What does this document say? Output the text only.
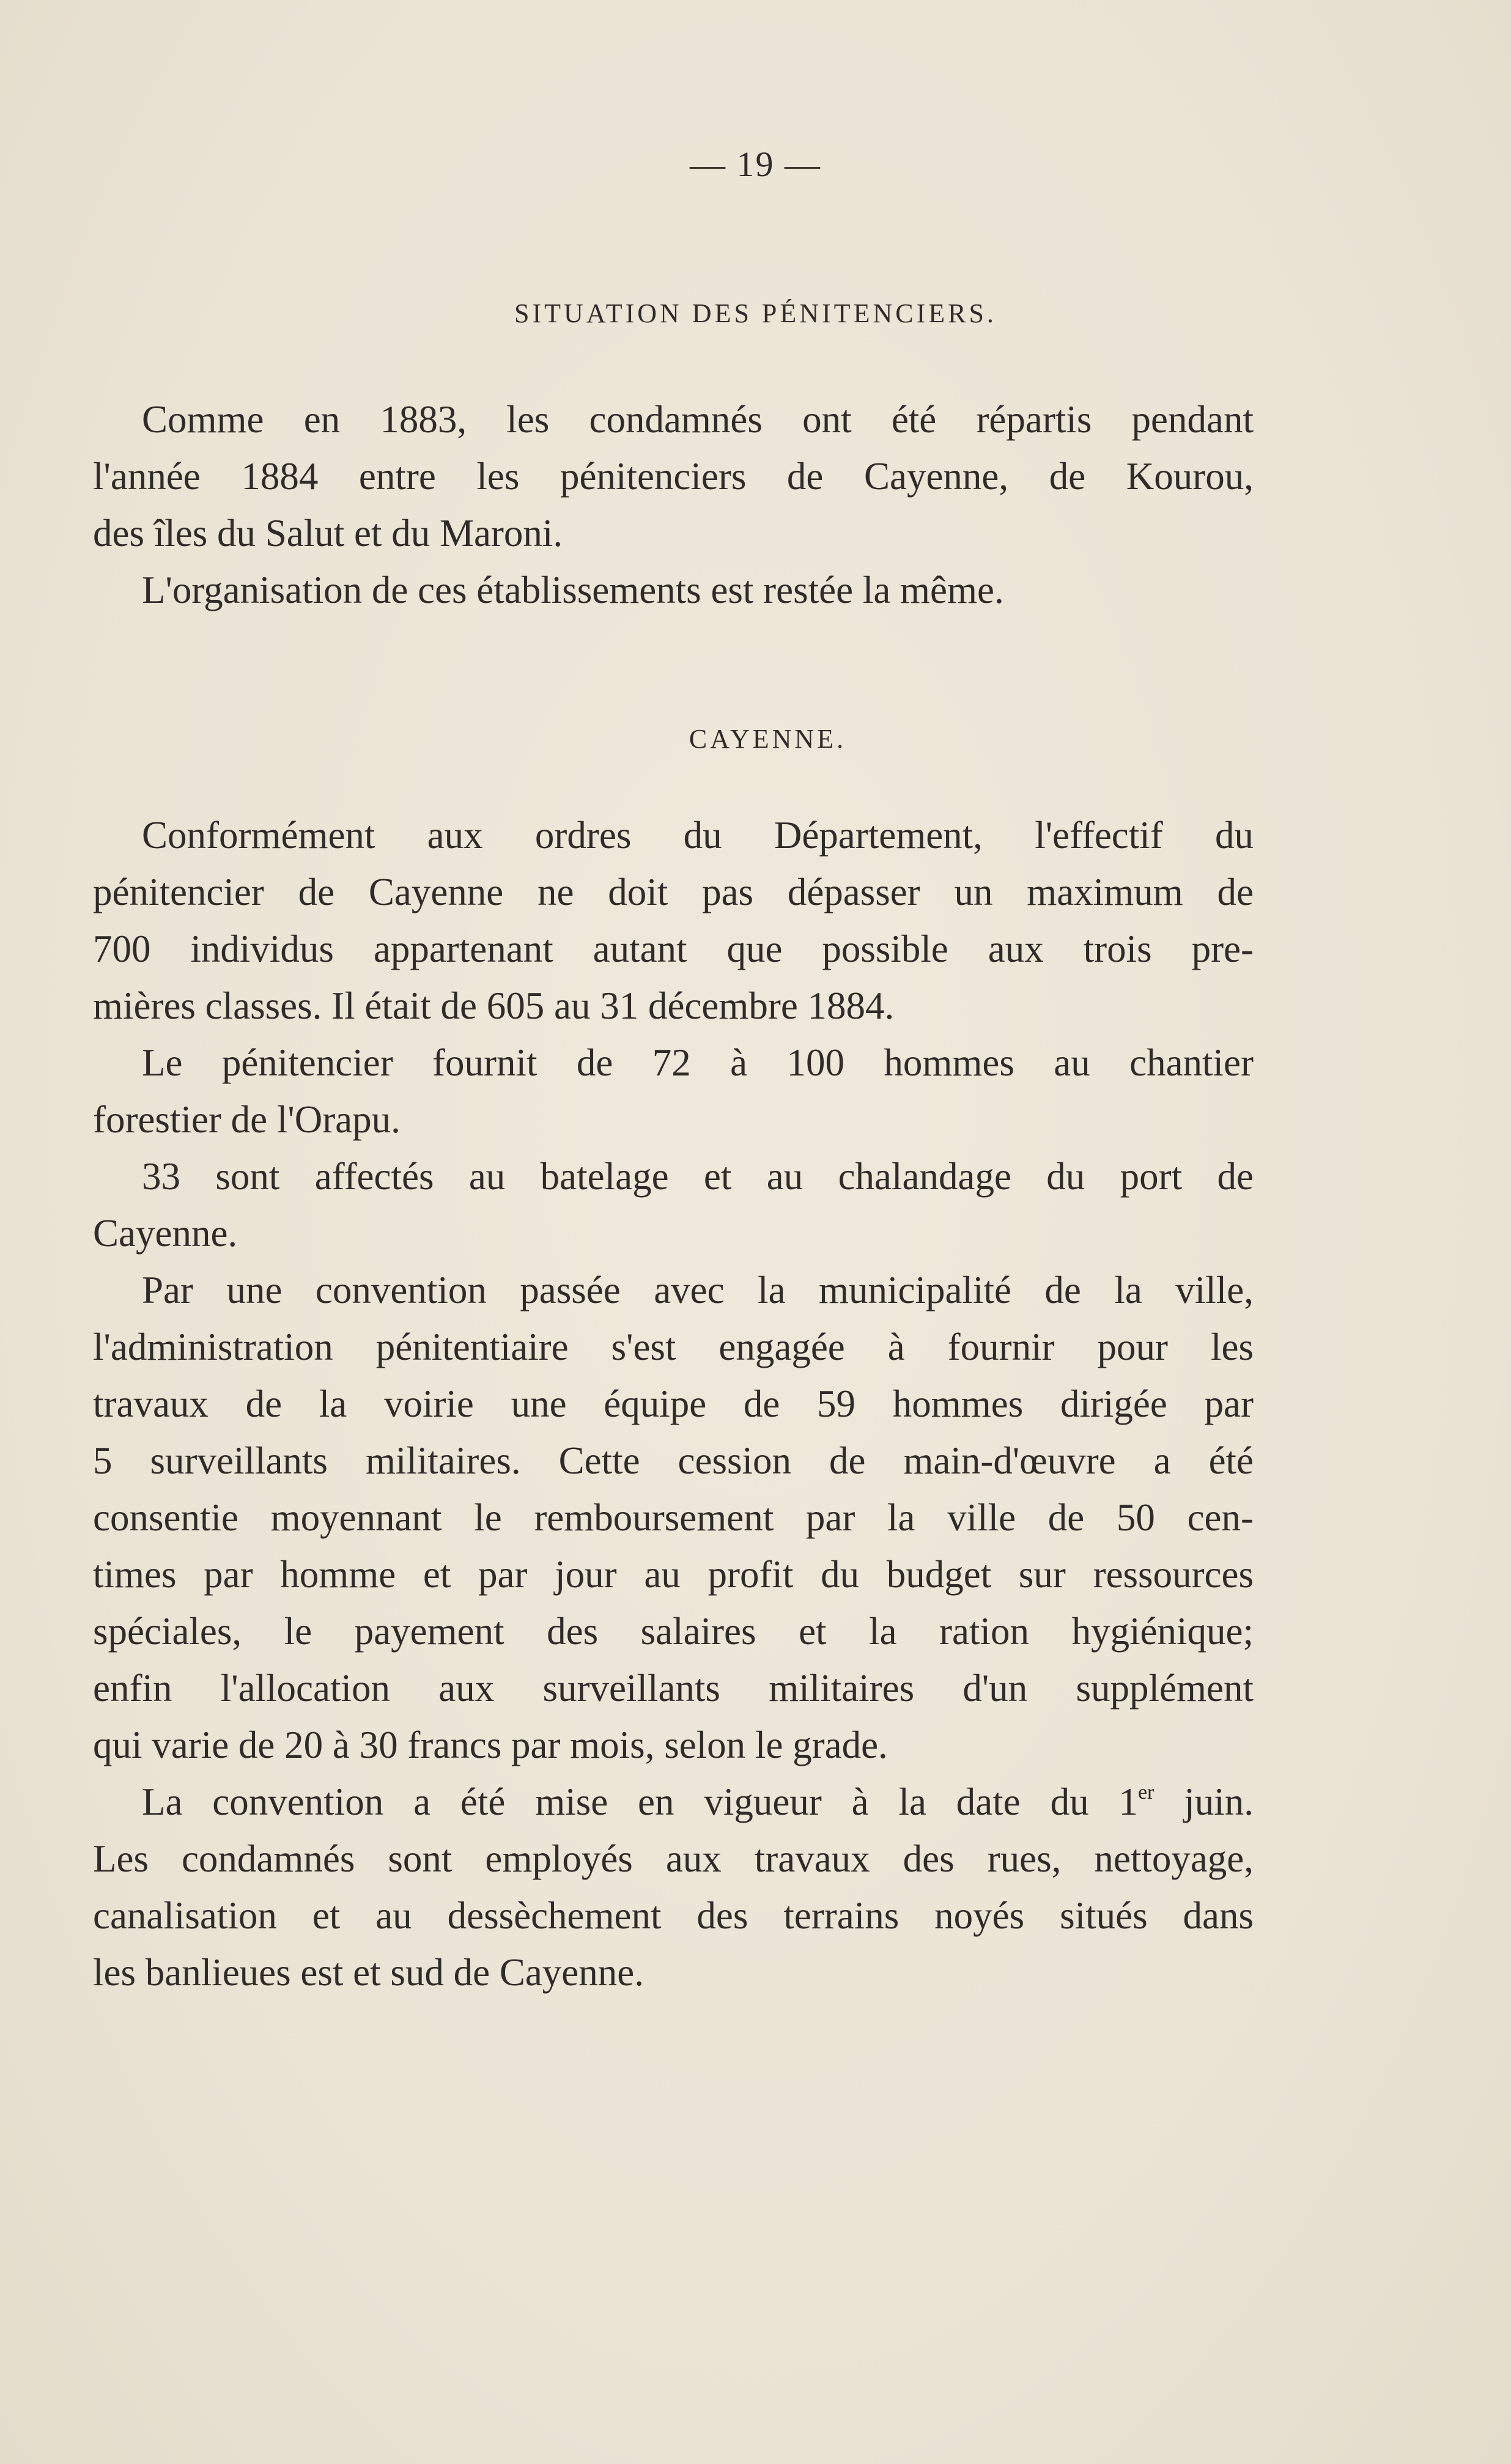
— 19 —
SITUATION DES PÉNITENCIERS.
Comme en 1883, les condamnés ont été répartis pendant
l'année 1884 entre les pénitenciers de Cayenne, de Kourou,
des îles du Salut et du Maroni.
L'organisation de ces établissements est restée la même.
CAYENNE.
Conformément aux ordres du Département, l'effectif du
pénitencier de Cayenne ne doit pas dépasser un maximum de
700 individus appartenant autant que possible aux trois pre-
mières classes. Il était de 605 au 31 décembre 1884.
Le pénitencier fournit de 72 à 100 hommes au chantier
forestier de l'Orapu.
33 sont affectés au batelage et au chalandage du port de
Cayenne.
Par une convention passée avec la municipalité de la ville,
l'administration pénitentiaire s'est engagée à fournir pour les
travaux de la voirie une équipe de 59 hommes dirigée par
5 surveillants militaires. Cette cession de main-d'œuvre a été
consentie moyennant le remboursement par la ville de 50 cen-
times par homme et par jour au profit du budget sur ressources
spéciales, le payement des salaires et la ration hygiénique;
enfin l'allocation aux surveillants militaires d'un supplément
qui varie de 20 à 30 francs par mois, selon le grade.
La convention a été mise en vigueur à la date du 1er juin.
Les condamnés sont employés aux travaux des rues, nettoyage,
canalisation et au dessèchement des terrains noyés situés dans
les banlieues est et sud de Cayenne.
